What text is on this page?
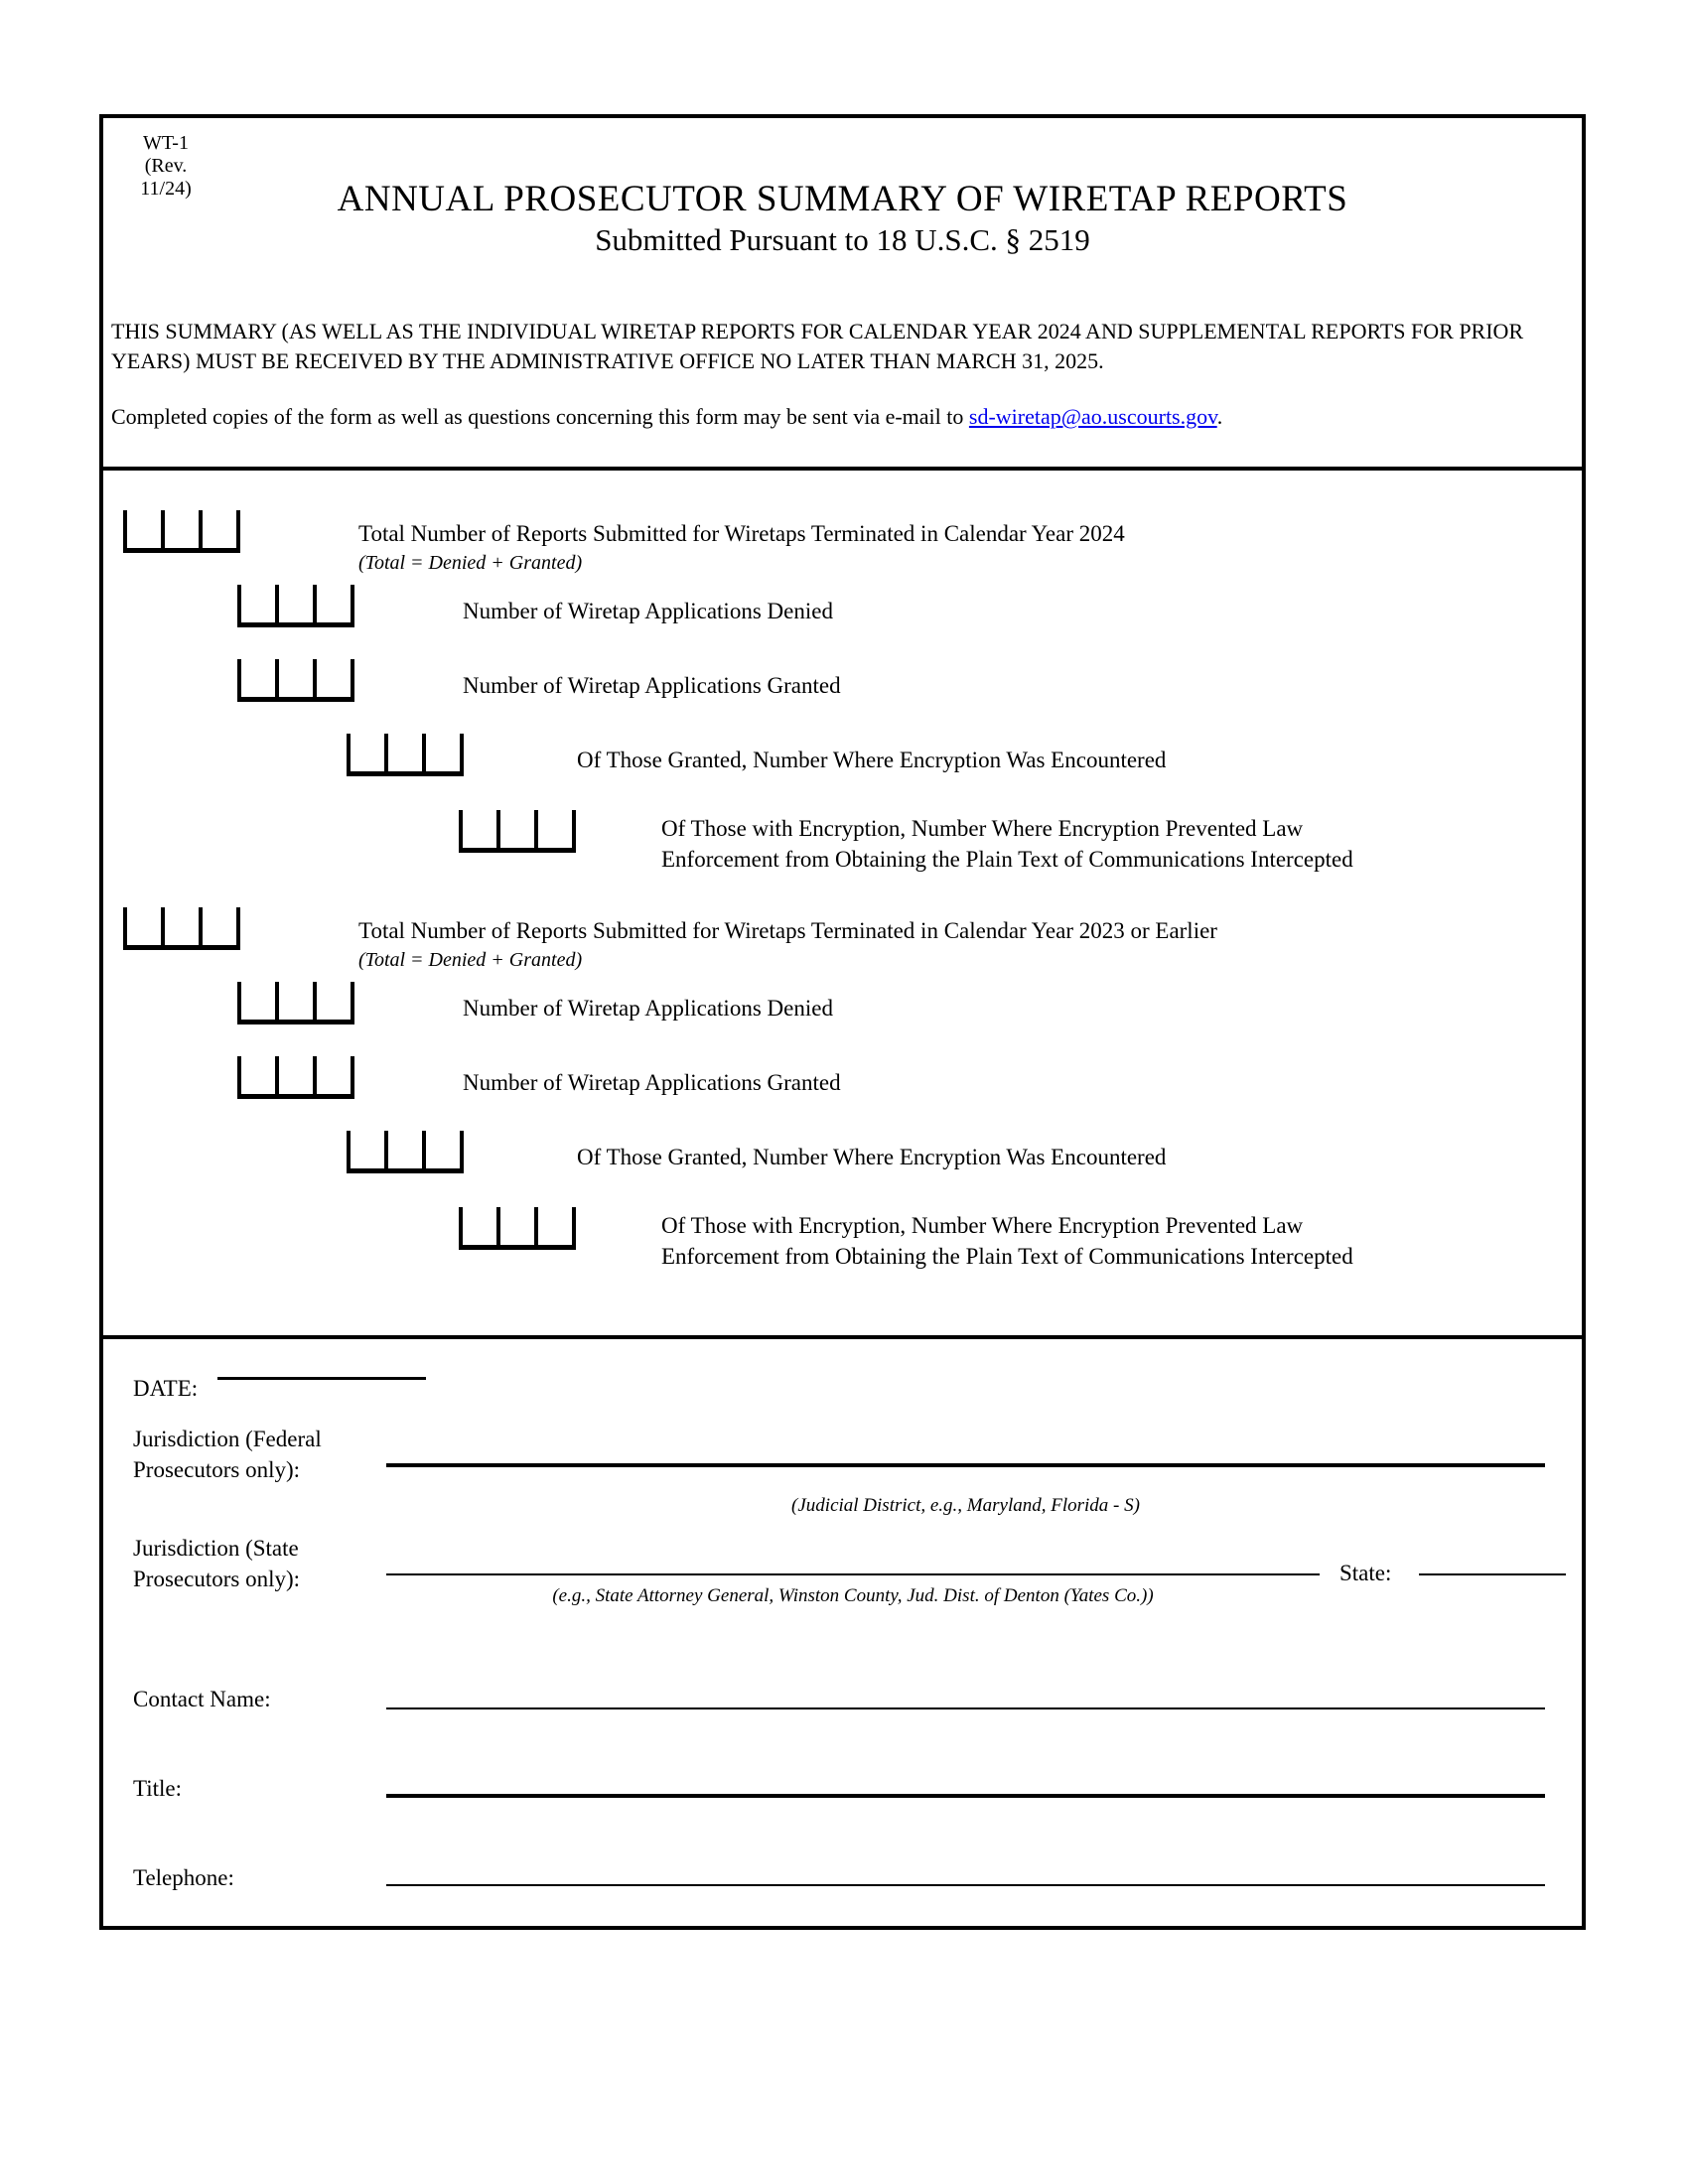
WT-1
(Rev. 11/24)	ANNUAL PROSECUTOR SUMMARY OF WIRETAP REPORTS
Submitted Pursuant to 18 U.S.C. § 2519
THIS SUMMARY (AS WELL AS THE INDIVIDUAL WIRETAP REPORTS FOR CALENDAR YEAR 2024 AND SUPPLEMENTAL REPORTS FOR PRIOR YEARS) MUST BE RECEIVED BY THE ADMINISTRATIVE OFFICE NO LATER THAN MARCH 31, 2025.
Completed copies of the form as well as questions concerning this form may be sent via e-mail to sd-wiretap@ao.uscourts.gov.
Total Number of Reports Submitted for Wiretaps Terminated in Calendar Year 2024
(Total = Denied + Granted)
Number of Wiretap Applications Denied
Number of Wiretap Applications Granted
Of Those Granted, Number Where Encryption Was Encountered
Of Those with Encryption, Number Where Encryption Prevented Law
Enforcement from Obtaining the Plain Text of Communications Intercepted
Total Number of Reports Submitted for Wiretaps Terminated in Calendar Year 2023 or Earlier
(Total = Denied + Granted)
Number of Wiretap Applications Denied
Number of Wiretap Applications Granted
Of Those Granted, Number Where Encryption Was Encountered
Of Those with Encryption, Number Where Encryption Prevented Law
Enforcement from Obtaining the Plain Text of Communications Intercepted
DATE:
Jurisdiction (Federal
Prosecutors only):
(Judicial District, e.g., Maryland, Florida - S)
Jurisdiction (State
Prosecutors only):
(e.g., State Attorney General, Winston County, Jud. Dist. of Denton (Yates Co.))
State:
Contact Name:
Title:
Telephone:
